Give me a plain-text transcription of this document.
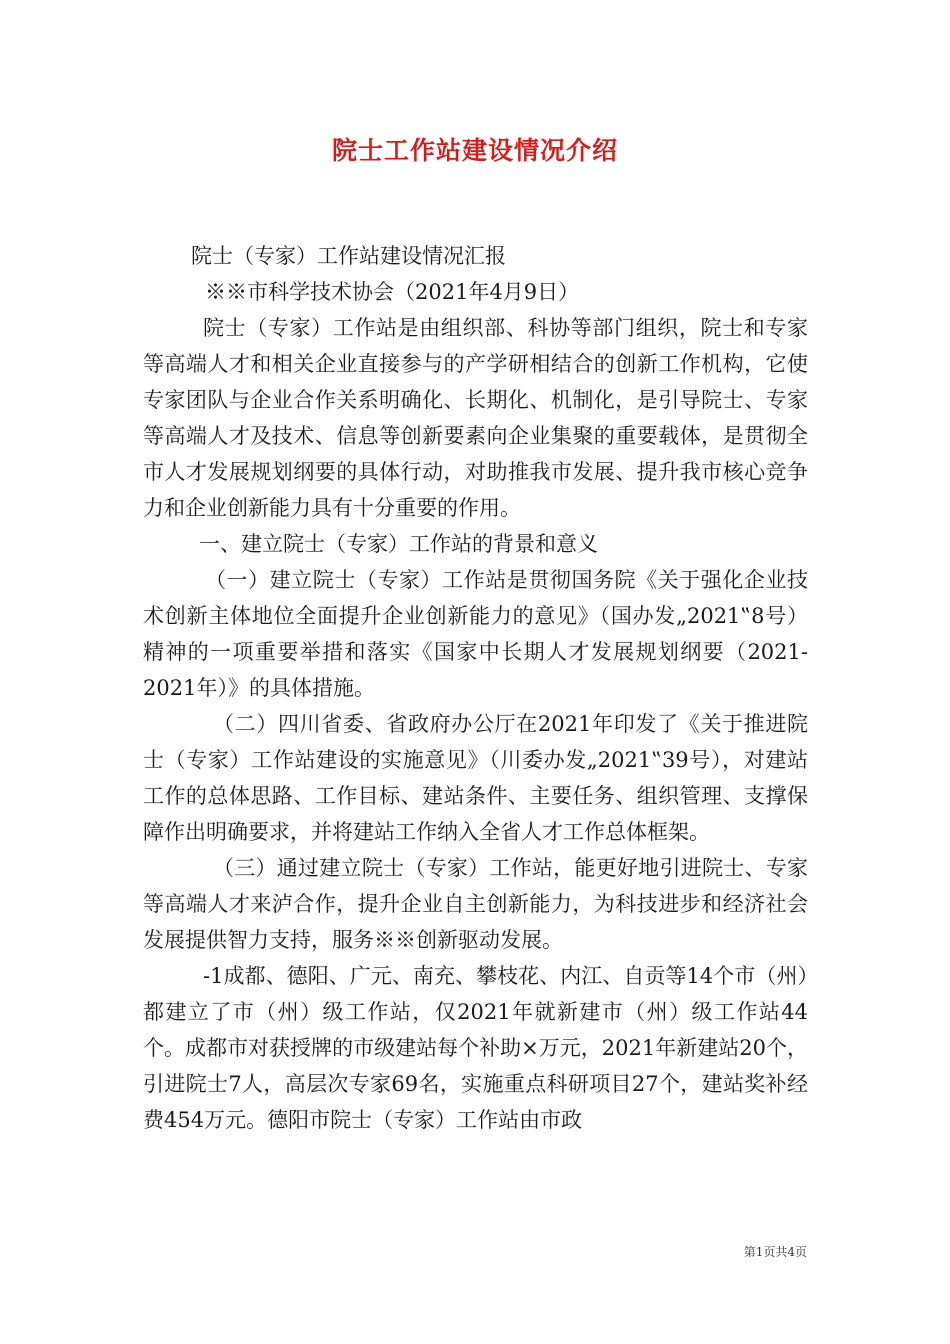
院士工作站建设情况介绍

院士（专家）工作站建设情况汇报

※※市科学技术协会（2021年4月9日）

院士（专家）工作站是由组织部、科协等部门组织，院士和专家等高端人才和相关企业直接参与的产学研相结合的创新工作机构，它使专家团队与企业合作关系明确化、长期化、机制化，是引导院士、专家等高端人才及技术、信息等创新要素向企业集聚的重要载体，是贯彻全市人才发展规划纲要的具体行动，对助推我市发展、提升我市核心竞争力和企业创新能力具有十分重要的作用。

一、建立院士（专家）工作站的背景和意义

（一）建立院士（专家）工作站是贯彻国务院《关于强化企业技术创新主体地位全面提升企业创新能力的意见》（国办发„2021‟8号）精神的一项重要举措和落实《国家中长期人才发展规划纲要（2021-2021年）》的具体措施。

（二）四川省委、省政府办公厅在2021年印发了《关于推进院士（专家）工作站建设的实施意见》（川委办发„2021‟39号），对建站工作的总体思路、工作目标、建站条件、主要任务、组织管理、支撑保障作出明确要求，并将建站工作纳入全省人才工作总体框架。

（三）通过建立院士（专家）工作站，能更好地引进院士、专家等高端人才来泸合作，提升企业自主创新能力，为科技进步和经济社会发展提供智力支持，服务※※创新驱动发展。

-1成都、德阳、广元、南充、攀枝花、内江、自贡等14个市（州）都建立了市（州）级工作站，仅2021年就新建市（州）级工作站44个。成都市对获授牌的市级建站每个补助×万元，2021年新建站20个，引进院士7人，高层次专家69名，实施重点科研项目27个，建站奖补经费454万元。德阳市院士（专家）工作站由市政

第1页共4页
